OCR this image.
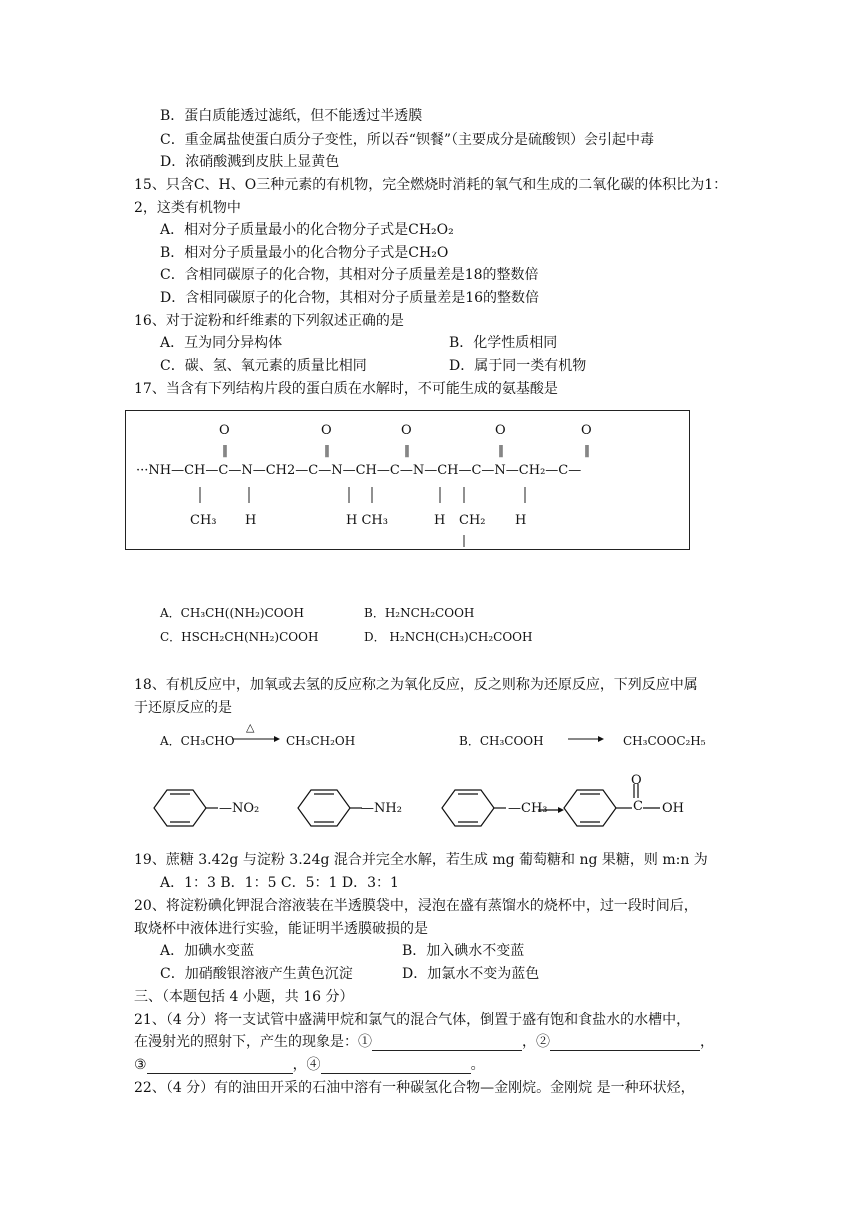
B．蛋白质能透过滤纸，但不能透过半透膜
C．重金属盐使蛋白质分子变性，所以吞“钡餐”（主要成分是硫酸钡）会引起中毒
D．浓硝酸溅到皮肤上显黄色
15、只含C、H、O三种元素的有机物，完全燃烧时消耗的氧气和生成的二氧化碳的体积比为1：
2，这类有机物中
A．相对分子质量最小的化合物分子式是CH₂O₂
B．相对分子质量最小的化合物分子式是CH₂O
C．含相同碳原子的化合物，其相对分子质量差是18的整数倍
D．含相同碳原子的化合物，其相对分子质量差是16的整数倍
16、对于淀粉和纤维素的下列叙述正确的是
A．互为同分异构体	B．化学性质相同
C．碳、氢、氧元素的质量比相同	D．属于同一类有机物
17、当含有下列结构片段的蛋白质在水解时，不可能生成的氨基酸是
O	O	O	O	O
‖	‖	‖	‖	‖
···NH—CH—C—N—CH2—C—N—CH—C—N—CH—C—N—CH₂—C—
CH₃ H	H CH₃	H CH₂ H
A．CH₃CH((NH₂)COOH	B．H₂NCH₂COOH
C．HSCH₂CH(NH₂)COOH	D． H₂NCH(CH₃)CH₂COOH
18、有机反应中，加氧或去氢的反应称之为氧化反应，反之则称为还原反应，下列反应中属
于还原反应的是
A．CH₃CHO
△
→ CH₃CH₂OH	B．CH₃COOH → CH₃COOC₂H₅
—NO₂	—NH₂	—CH₃	C
O
OH
19、蔗糖 3.42g 与淀粉 3.24g 混合并完全水解，若生成 mg 葡萄糖和 ng 果糖，则 m:n 为
A．1：3 B．1：5 C．5：1 D．3：1
20、将淀粉碘化钾混合溶液装在半透膜袋中，浸泡在盛有蒸馏水的烧杯中，过一段时间后，
取烧杯中液体进行实验，能证明半透膜破损的是
A．加碘水变蓝	B．加入碘水不变蓝
C．加硝酸银溶液产生黄色沉淀	D．加氯水不变为蓝色
三、（本题包括 4 小题，共 16 分）
21、（4 分）将一支试管中盛满甲烷和氯气的混合气体，倒置于盛有饱和食盐水的水槽中，
在漫射光的照射下，产生的现象是：①	，②	，
③	，④	。
22、（4 分）有的油田开采的石油中溶有一种碳氢化合物—金刚烷。金刚烷 是一种环状烃，
